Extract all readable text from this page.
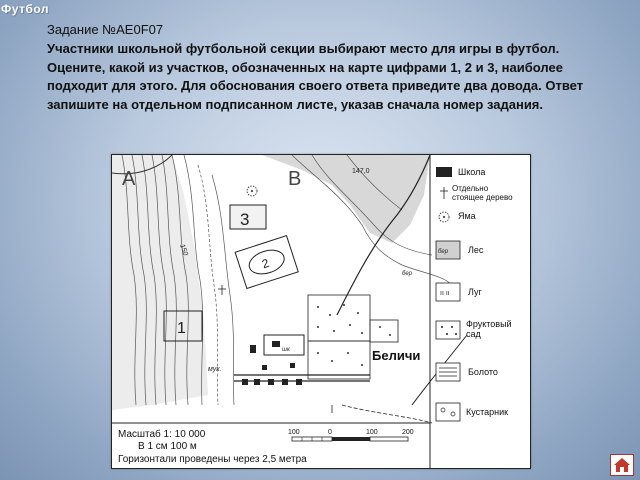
Футбол
Задание №AE0F07
Участники школьной футбольной секции выбирают место для игры в футбол. Оцените, какой из участков, обозначенных на карте цифрами 1, 2 и 3, наиболее подходит для этого. Для обоснования своего ответа приведите два довода. Ответ запишите на отдельном подписанном листе, указав сначала номер задания.
2
3
1
шк
мук.
Беличи
A	B	147,0
150
бер
бер
ıı ıı
Школа
Отдельно стоящее дерево
Яма
Лес
Луг
Фруктовый сад
Болото
Кустарник
Масштаб 1: 10 000
В 1 см 100 м
Горизонтали проведены через 2,5 метра
100	0	100	200
